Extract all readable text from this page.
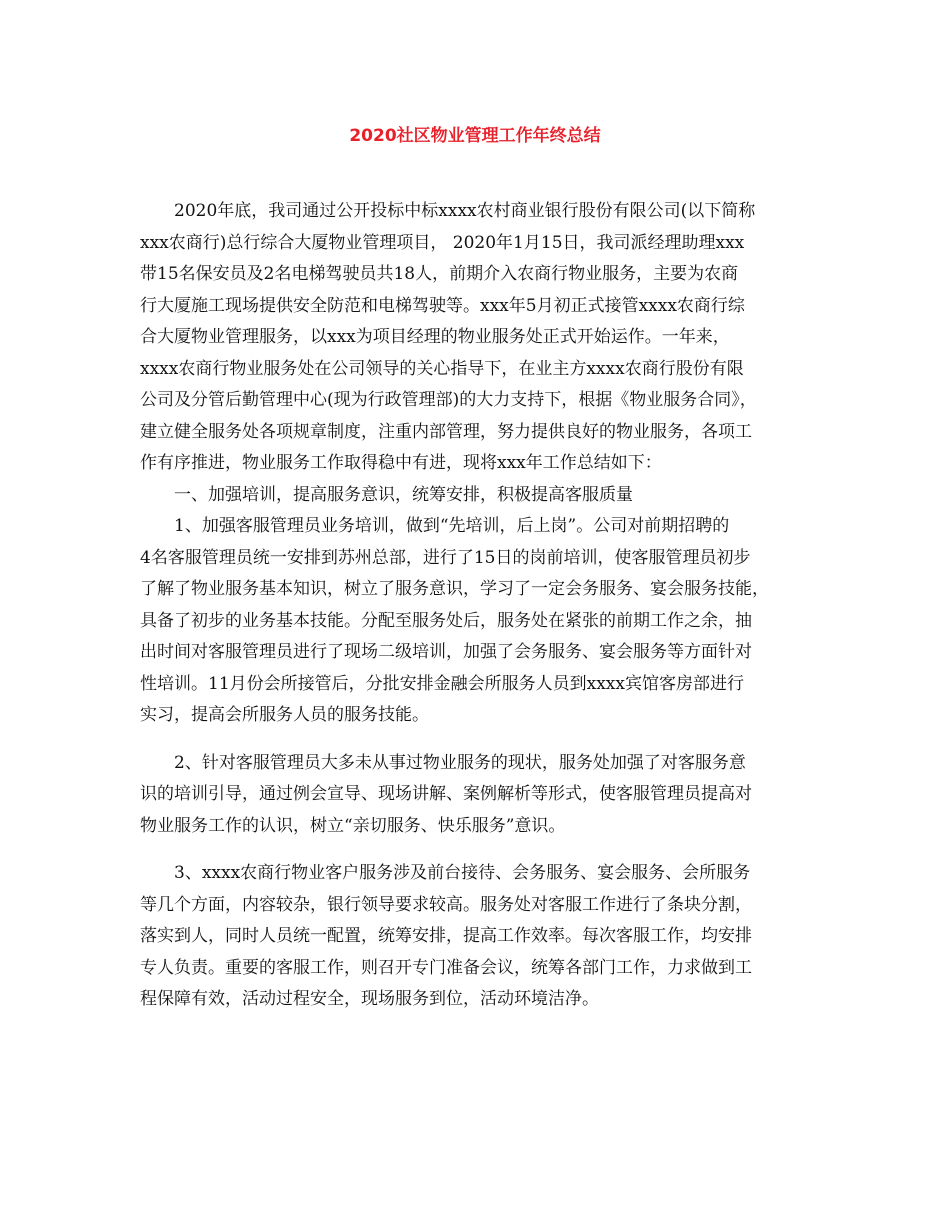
2020社区物业管理工作年终总结
2020年底，我司通过公开投标中标xxxx农村商业银行股份有限公司(以下简称
xxx农商行)总行综合大厦物业管理项目， 2020年1月15日，我司派经理助理xxx
带15名保安员及2名电梯驾驶员共18人，前期介入农商行物业服务，主要为农商
行大厦施工现场提供安全防范和电梯驾驶等。xxx年5月初正式接管xxxx农商行综
合大厦物业管理服务，以xxx为项目经理的物业服务处正式开始运作。一年来，
xxxx农商行物业服务处在公司领导的关心指导下，在业主方xxxx农商行股份有限
公司及分管后勤管理中心(现为行政管理部)的大力支持下，根据《物业服务合同》，
建立健全服务处各项规章制度，注重内部管理，努力提供良好的物业服务，各项工
作有序推进，物业服务工作取得稳中有进，现将xxx年工作总结如下：
一、加强培训，提高服务意识，统筹安排，积极提高客服质量
1、加强客服管理员业务培训，做到“先培训，后上岗”。公司对前期招聘的
4名客服管理员统一安排到苏州总部，进行了15日的岗前培训，使客服管理员初步
了解了物业服务基本知识，树立了服务意识，学习了一定会务服务、宴会服务技能，
具备了初步的业务基本技能。分配至服务处后，服务处在紧张的前期工作之余，抽
出时间对客服管理员进行了现场二级培训，加强了会务服务、宴会服务等方面针对
性培训。11月份会所接管后，分批安排金融会所服务人员到xxxx宾馆客房部进行
实习，提高会所服务人员的服务技能。
2、针对客服管理员大多未从事过物业服务的现状，服务处加强了对客服务意
识的培训引导，通过例会宣导、现场讲解、案例解析等形式，使客服管理员提高对
物业服务工作的认识，树立“亲切服务、快乐服务”意识。
3、xxxx农商行物业客户服务涉及前台接待、会务服务、宴会服务、会所服务
等几个方面，内容较杂，银行领导要求较高。服务处对客服工作进行了条块分割，
落实到人，同时人员统一配置，统筹安排，提高工作效率。每次客服工作，均安排
专人负责。重要的客服工作，则召开专门准备会议，统筹各部门工作，力求做到工
程保障有效，活动过程安全，现场服务到位，活动环境洁净。
